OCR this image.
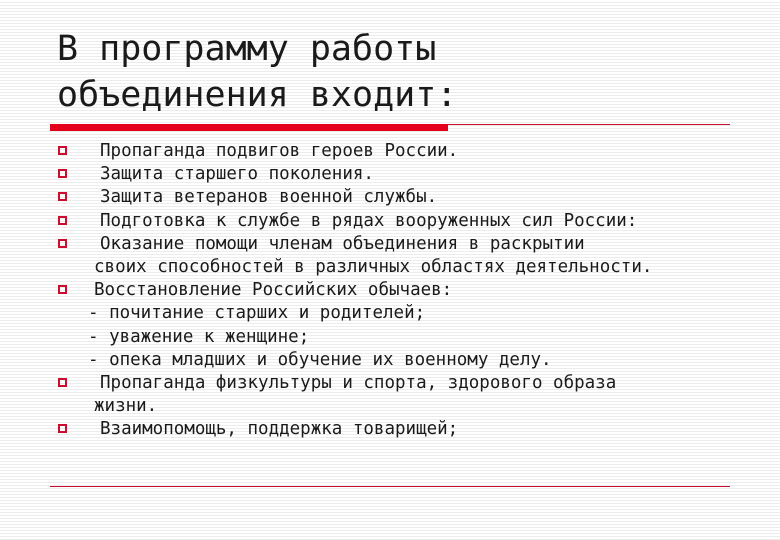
В программу работы
объединения входит:
Пропаганда подвигов героев России.
Защита старшего поколения.
Защита ветеранов военной службы.
Подготовка к службе в рядах вооруженных сил России:
Оказание помощи членам объединения в раскрытии
своих способностей в различных областях деятельности.
Восстановление Российских обычаев:
- почитание старших и родителей;
- уважение к женщине;
- опека младших и обучение их военному делу.
Пропаганда физкультуры и спорта, здорового образа
жизни.
Взаимопомощь, поддержка товарищей;
